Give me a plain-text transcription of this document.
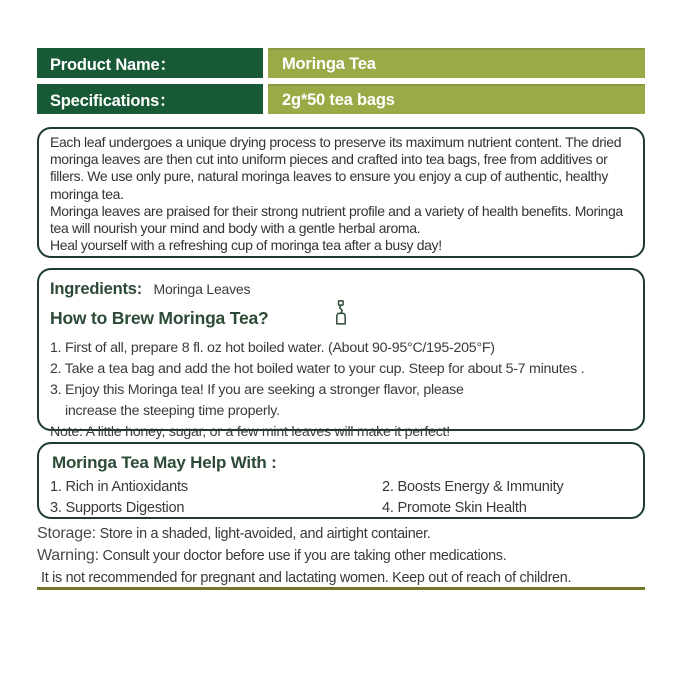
Product Name：	Moringa Tea
Specifications：	2g*50 tea bags

Each leaf undergoes a unique drying process to preserve its maximum nutrient content. The dried moringa leaves are then cut into uniform pieces and crafted into tea bags, free from additives or fillers. We use only pure, natural moringa leaves to ensure you enjoy a cup of authentic, healthy moringa tea.

Moringa leaves are praised for their strong nutrient profile and a variety of health benefits. Moringa tea will nourish your mind and body with a gentle herbal aroma.

Heal yourself with a refreshing cup of moringa tea after a busy day!

Ingredients: Moringa Leaves
How to Brew Moringa Tea?
1. First of all, prepare 8 fl. oz hot boiled water. (About 90-95°C/195-205°F)
2. Take a tea bag and add the hot boiled water to your cup. Steep for about 5-7 minutes .
3. Enjoy this Moringa tea! If you are seeking a stronger flavor, please
increase the steeping time properly.
Note: A little honey, sugar, or a few mint leaves will make it perfect!
Moringa Tea May Help With :
1. Rich in Antioxidants	2. Boosts Energy & Immunity
3. Supports Digestion	4. Promote Skin Health
Storage: Store in a shaded, light-avoided, and airtight container.
Warning: Consult your doctor before use if you are taking other medications.
It is not recommended for pregnant and lactating women. Keep out of reach of children.
